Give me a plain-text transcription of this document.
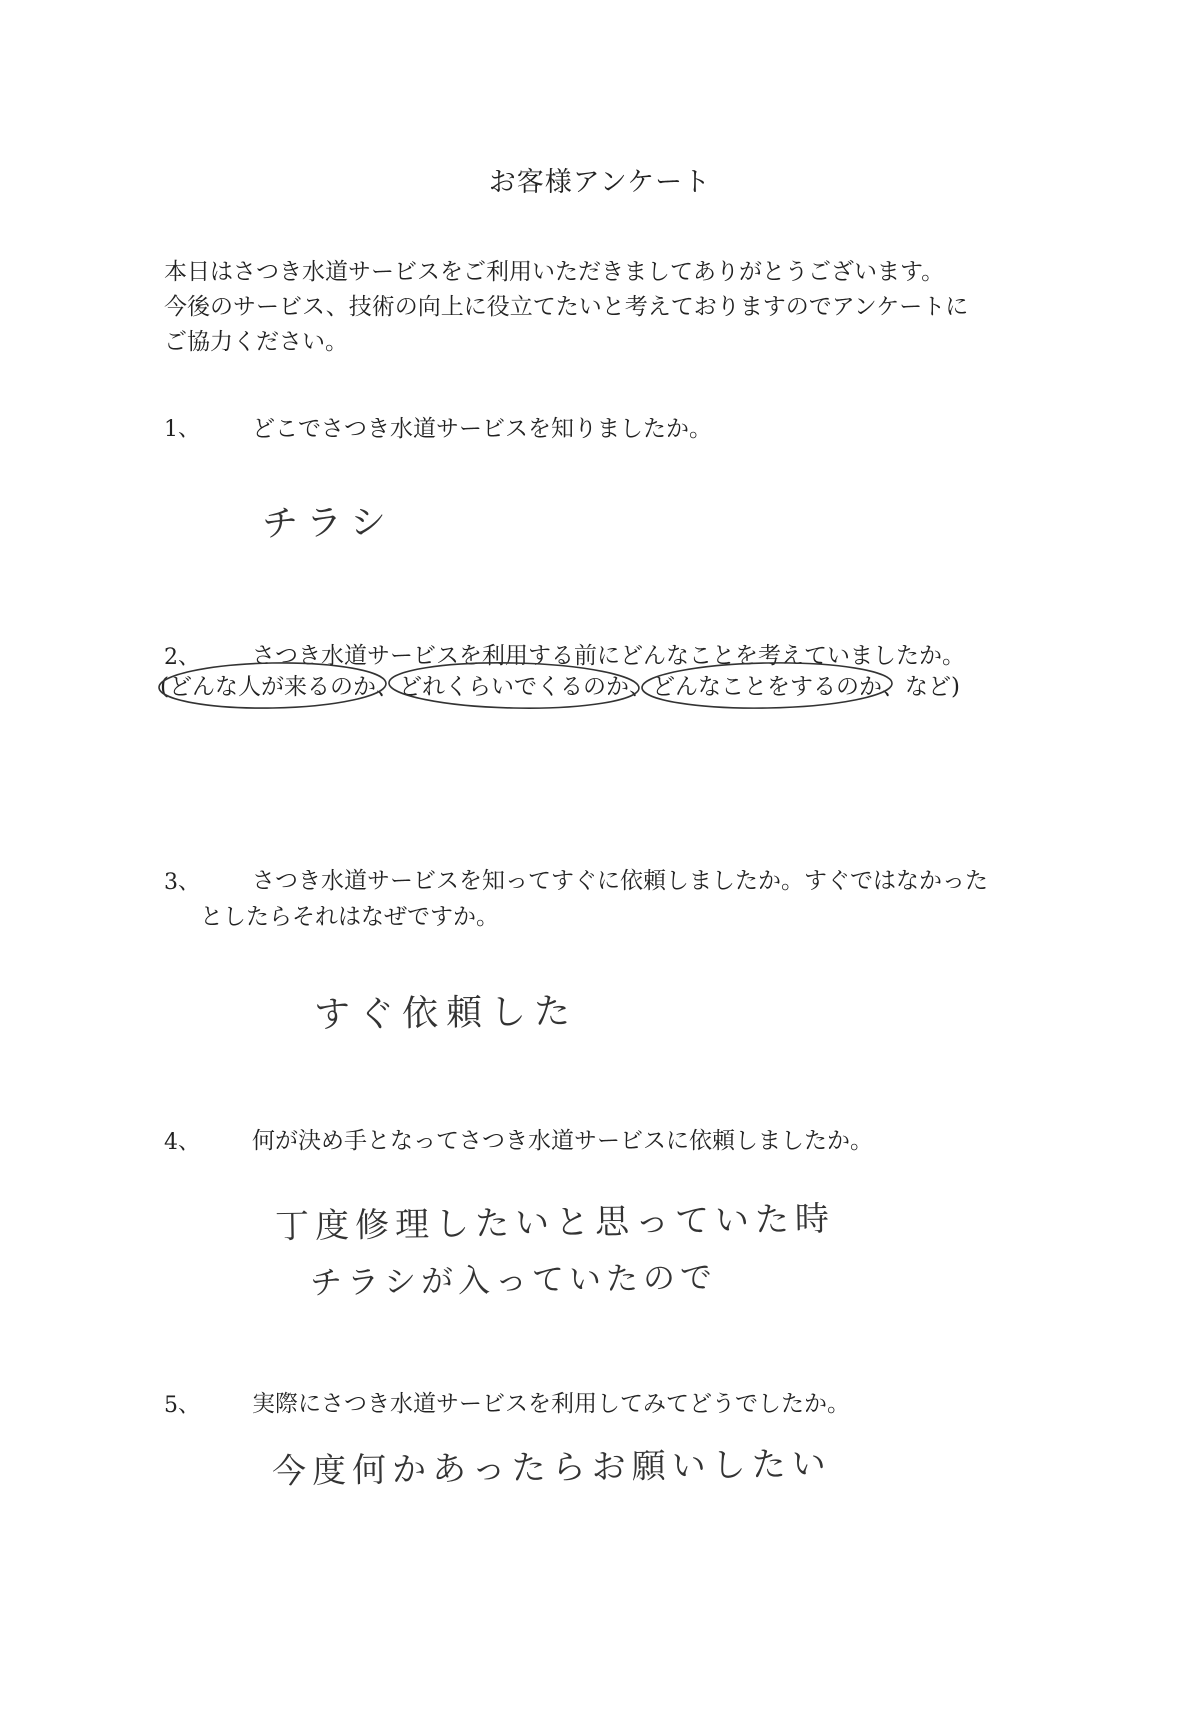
お客様アンケート
本日はさつき水道サービスをご利用いただきましてありがとうございます。
今後のサービス、技術の向上に役立てたいと考えておりますのでアンケートに
ご協力ください。
1、 どこでさつき水道サービスを知りましたか。
チラシ
2、 さつき水道サービスを利用する前にどんなことを考えていましたか。
(どんな人が来るのか、どれくらいでくるのか、どんなことをするのか、など)
3、 さつき水道サービスを知ってすぐに依頼しましたか。すぐではなかった
としたらそれはなぜですか。
すぐ依頼した
4、 何が決め手となってさつき水道サービスに依頼しましたか。
丁度修理したいと思っていた時
チラシが入っていたので
5、 実際にさつき水道サービスを利用してみてどうでしたか。
今度何かあったらお願いしたい
